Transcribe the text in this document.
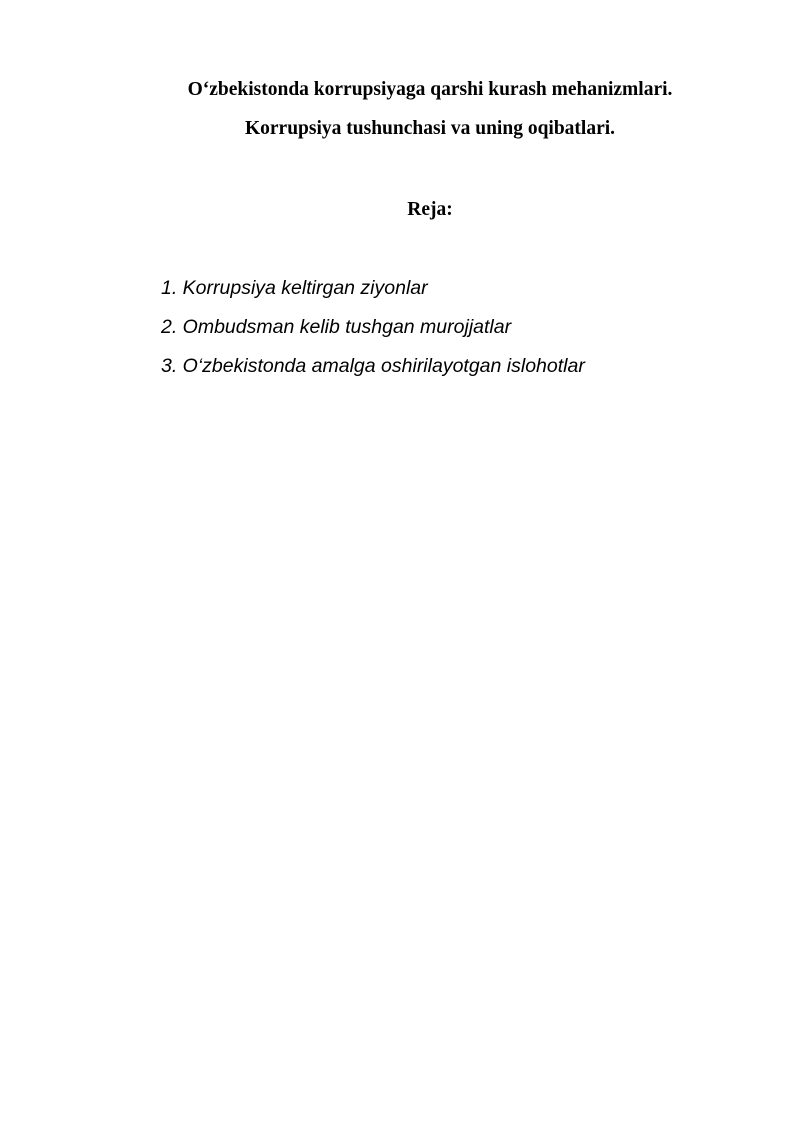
O‘zbekistonda korrupsiyaga qarshi kurash mehanizmlari.
Korrupsiya tushunchasi va uning oqibatlari.
Reja:
1. Korrupsiya keltirgan ziyonlar
2. Ombudsman kelib tushgan murojjatlar
3. O‘zbekistonda amalga oshirilayotgan islohotlar
